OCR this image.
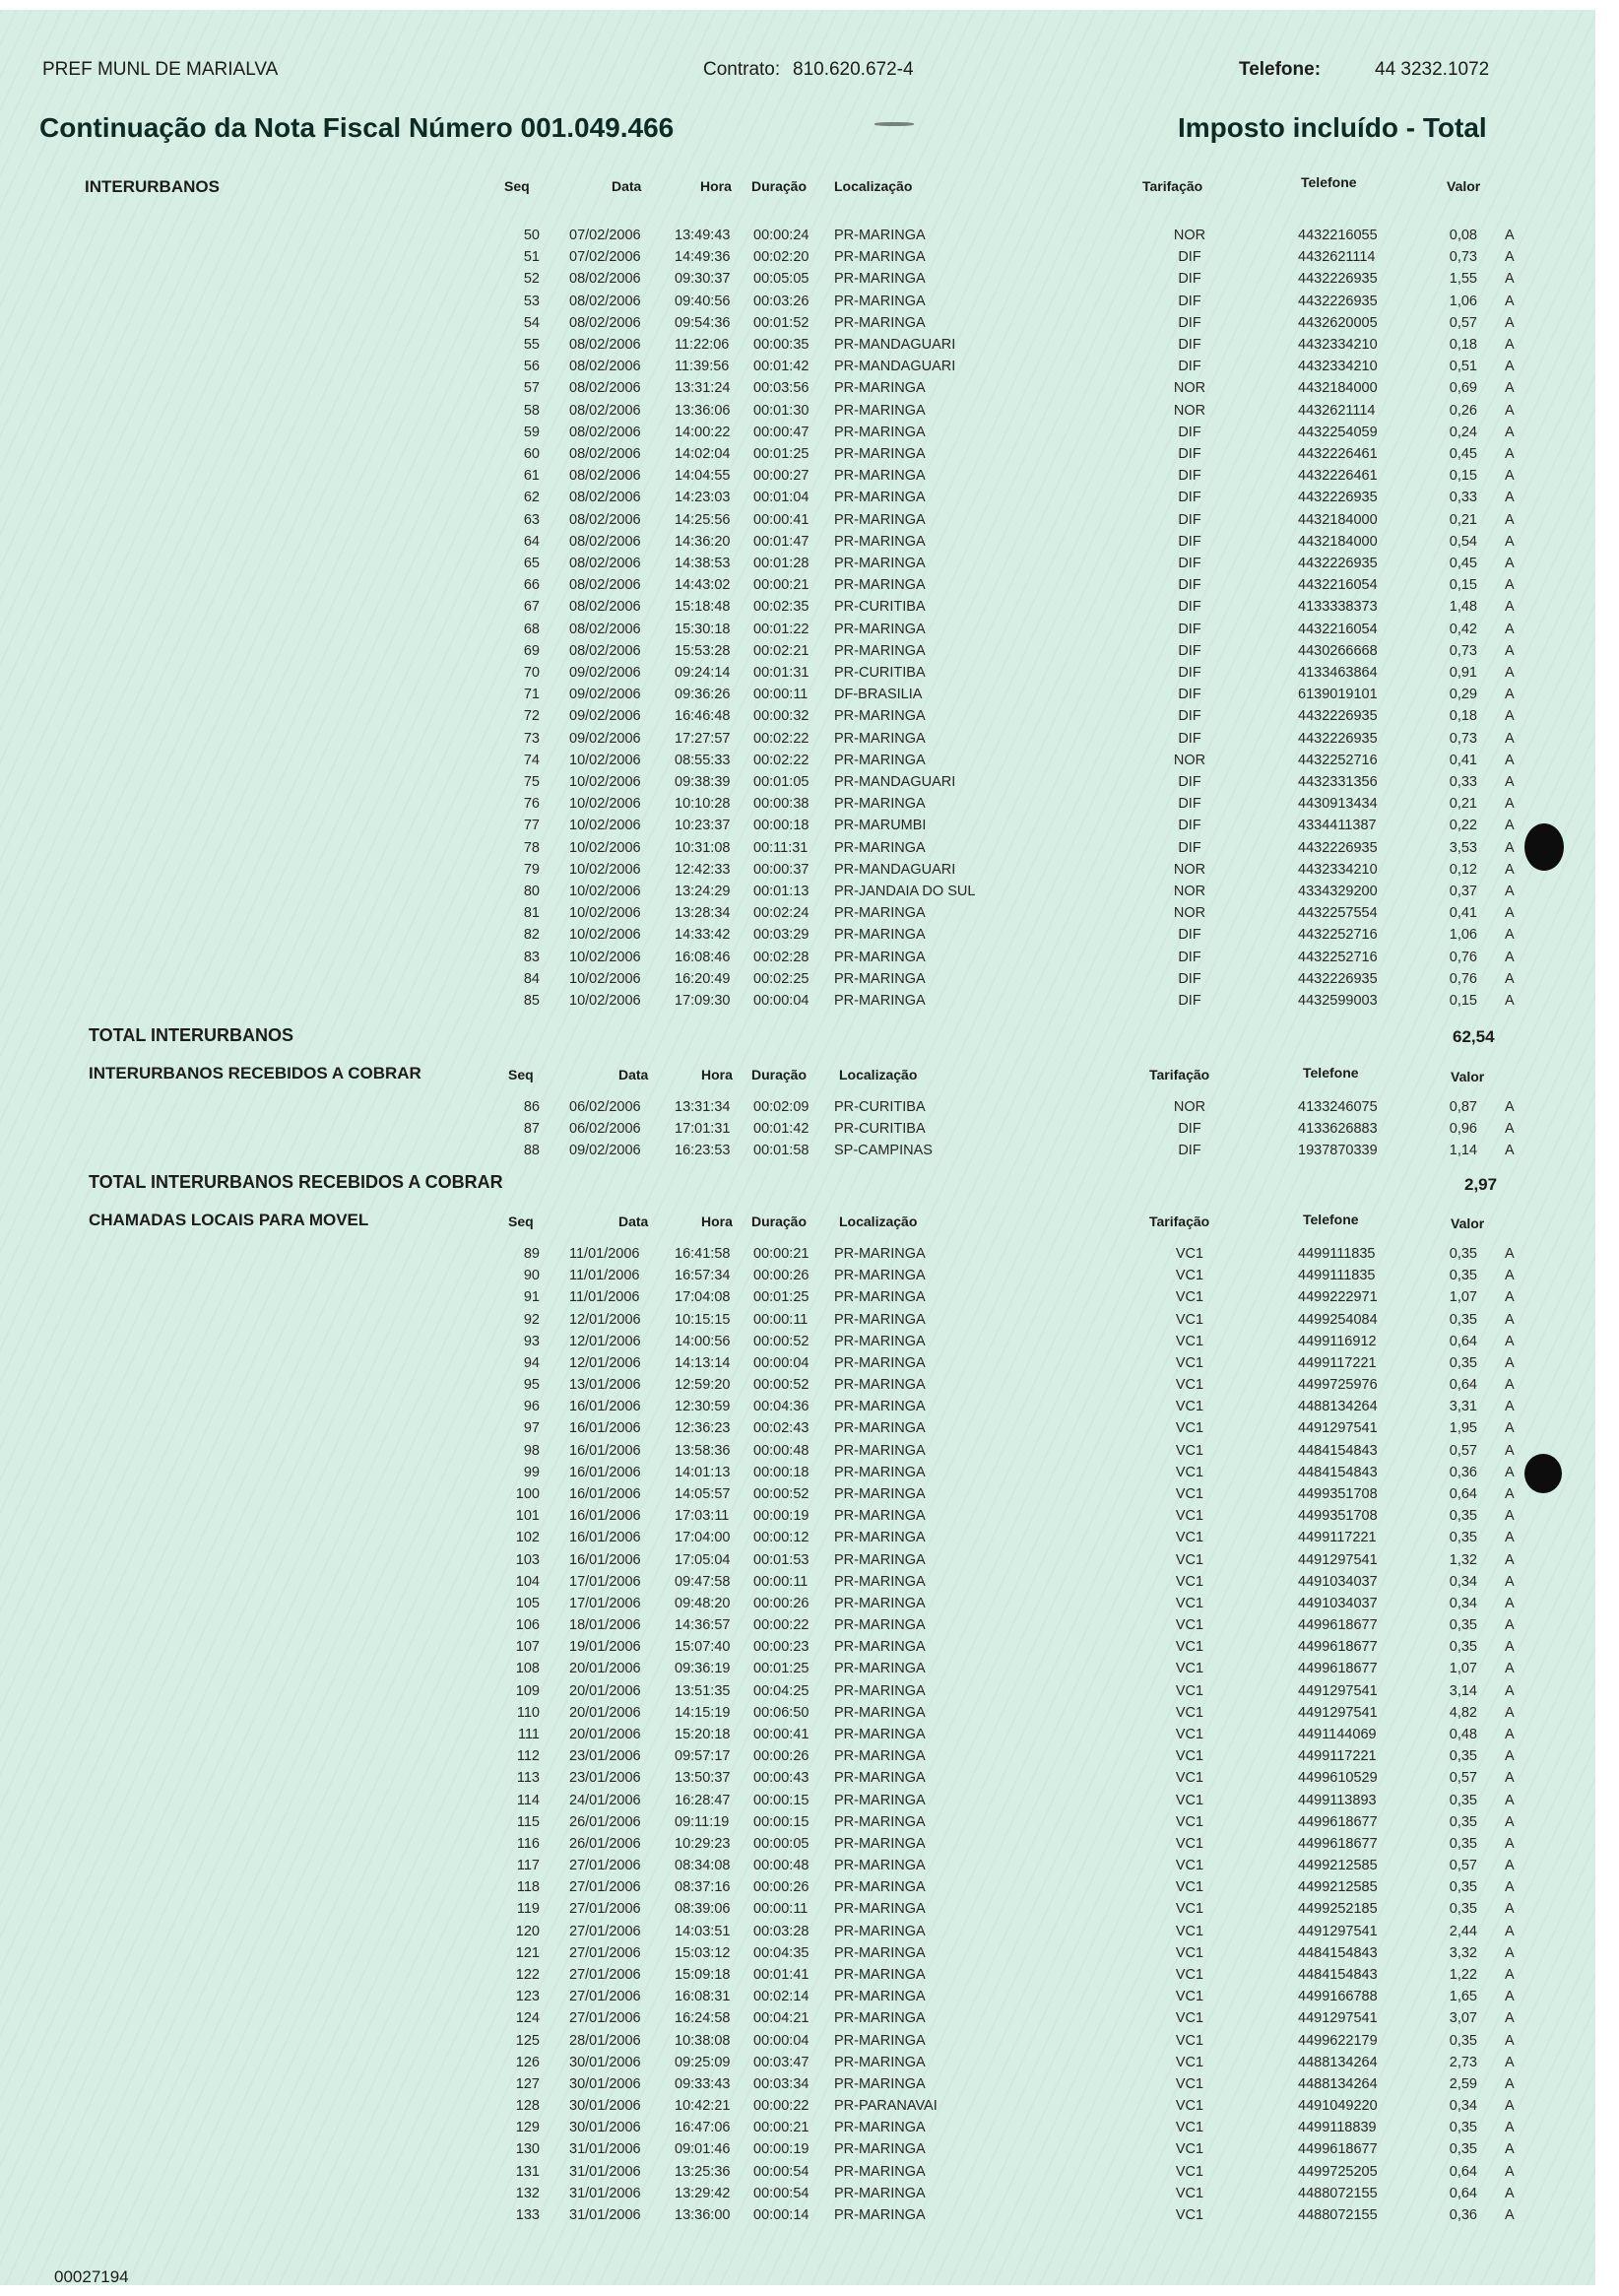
PREF MUNL DE MARIALVA	Contrato: 810.620.672-4	Telefone:	44 3232.1072
Continuação da Nota Fiscal Número 001.049.466	Imposto incluído - Total
INTERURBANOS	Seq	Data	Hora Duração Localização	Tarifação	Telefone	Valor
50 07/02/2006 13:49:43 00:00:24 PR-MARINGA	NOR	4432216055	0,08 A
51 07/02/2006 14:49:36 00:02:20 PR-MARINGA	DIF	4432621114	0,73 A
52 08/02/2006 09:30:37 00:05:05 PR-MARINGA	DIF	4432226935	1,55 A
53 08/02/2006 09:40:56 00:03:26 PR-MARINGA	DIF	4432226935	1,06 A
54 08/02/2006 09:54:36 00:01:52 PR-MARINGA	DIF	4432620005	0,57 A
55 08/02/2006 11:22:06 00:00:35 PR-MANDAGUARI	DIF	4432334210	0,18 A
56 08/02/2006 11:39:56 00:01:42 PR-MANDAGUARI	DIF	4432334210	0,51 A
57 08/02/2006 13:31:24 00:03:56 PR-MARINGA	NOR	4432184000	0,69 A
58 08/02/2006 13:36:06 00:01:30 PR-MARINGA	NOR	4432621114	0,26 A
59 08/02/2006 14:00:22 00:00:47 PR-MARINGA	DIF	4432254059	0,24 A
60 08/02/2006 14:02:04 00:01:25 PR-MARINGA	DIF	4432226461	0,45 A
61 08/02/2006 14:04:55 00:00:27 PR-MARINGA	DIF	4432226461	0,15 A
62 08/02/2006 14:23:03 00:01:04 PR-MARINGA	DIF	4432226935	0,33 A
63 08/02/2006 14:25:56 00:00:41 PR-MARINGA	DIF	4432184000	0,21 A
64 08/02/2006 14:36:20 00:01:47 PR-MARINGA	DIF	4432184000	0,54 A
65 08/02/2006 14:38:53 00:01:28 PR-MARINGA	DIF	4432226935	0,45 A
66 08/02/2006 14:43:02 00:00:21 PR-MARINGA	DIF	4432216054	0,15 A
67 08/02/2006 15:18:48 00:02:35 PR-CURITIBA	DIF	4133338373	1,48 A
68 08/02/2006 15:30:18 00:01:22 PR-MARINGA	DIF	4432216054	0,42 A
69 08/02/2006 15:53:28 00:02:21 PR-MARINGA	DIF	4430266668	0,73 A
70 09/02/2006 09:24:14 00:01:31 PR-CURITIBA	DIF	4133463864	0,91 A
71 09/02/2006 09:36:26 00:00:11 DF-BRASILIA	DIF	6139019101	0,29 A
72 09/02/2006 16:46:48 00:00:32 PR-MARINGA	DIF	4432226935	0,18 A
73 09/02/2006 17:27:57 00:02:22 PR-MARINGA	DIF	4432226935	0,73 A
74 10/02/2006 08:55:33 00:02:22 PR-MARINGA	NOR	4432252716	0,41 A
75 10/02/2006 09:38:39 00:01:05 PR-MANDAGUARI	DIF	4432331356	0,33 A
76 10/02/2006 10:10:28 00:00:38 PR-MARINGA	DIF	4430913434	0,21 A
77 10/02/2006 10:23:37 00:00:18 PR-MARUMBI	DIF	4334411387	0,22 A
78 10/02/2006 10:31:08 00:11:31 PR-MARINGA	DIF	4432226935	3,53 A
79 10/02/2006 12:42:33 00:00:37 PR-MANDAGUARI	NOR	4432334210	0,12 A
80 10/02/2006 13:24:29 00:01:13 PR-JANDAIA DO SUL	NOR	4334329200	0,37 A
81 10/02/2006 13:28:34 00:02:24 PR-MARINGA	NOR	4432257554	0,41 A
82 10/02/2006 14:33:42 00:03:29 PR-MARINGA	DIF	4432252716	1,06 A
83 10/02/2006 16:08:46 00:02:28 PR-MARINGA	DIF	4432252716	0,76 A
84 10/02/2006 16:20:49 00:02:25 PR-MARINGA	DIF	4432226935	0,76 A
85 10/02/2006 17:09:30 00:00:04 PR-MARINGA	DIF	4432599003	0,15 A
TOTAL INTERURBANOS	62,54
INTERURBANOS RECEBIDOS A COBRAR	Seq	Data	Hora Duração Localização	Tarifação	Telefone	Valor
86 06/02/2006 13:31:34 00:02:09 PR-CURITIBA	NOR	4133246075	0,87 A
87 06/02/2006 17:01:31 00:01:42 PR-CURITIBA	DIF	4133626883	0,96 A
88 09/02/2006 16:23:53 00:01:58 SP-CAMPINAS	DIF	1937870339	1,14 A
TOTAL INTERURBANOS RECEBIDOS A COBRAR	2,97
CHAMADAS LOCAIS PARA MOVEL	Seq	Data	Hora Duração Localização	Tarifação	Telefone	Valor
89 11/01/2006 16:41:58 00:00:21 PR-MARINGA	VC1	4499111835	0,35 A
90 11/01/2006 16:57:34 00:00:26 PR-MARINGA	VC1	4499111835	0,35 A
91 11/01/2006 17:04:08 00:01:25 PR-MARINGA	VC1	4499222971	1,07 A
92 12/01/2006 10:15:15 00:00:11 PR-MARINGA	VC1	4499254084	0,35 A
93 12/01/2006 14:00:56 00:00:52 PR-MARINGA	VC1	4499116912	0,64 A
94 12/01/2006 14:13:14 00:00:04 PR-MARINGA	VC1	4499117221	0,35 A
95 13/01/2006 12:59:20 00:00:52 PR-MARINGA	VC1	4499725976	0,64 A
96 16/01/2006 12:30:59 00:04:36 PR-MARINGA	VC1	4488134264	3,31 A
97 16/01/2006 12:36:23 00:02:43 PR-MARINGA	VC1	4491297541	1,95 A
98 16/01/2006 13:58:36 00:00:48 PR-MARINGA	VC1	4484154843	0,57 A
99 16/01/2006 14:01:13 00:00:18 PR-MARINGA	VC1	4484154843	0,36 A
100 16/01/2006 14:05:57 00:00:52 PR-MARINGA	VC1	4499351708	0,64 A
101 16/01/2006 17:03:11 00:00:19 PR-MARINGA	VC1	4499351708	0,35 A
102 16/01/2006 17:04:00 00:00:12 PR-MARINGA	VC1	4499117221	0,35 A
103 16/01/2006 17:05:04 00:01:53 PR-MARINGA	VC1	4491297541	1,32 A
104 17/01/2006 09:47:58 00:00:11 PR-MARINGA	VC1	4491034037	0,34 A
105 17/01/2006 09:48:20 00:00:26 PR-MARINGA	VC1	4491034037	0,34 A
106 18/01/2006 14:36:57 00:00:22 PR-MARINGA	VC1	4499618677	0,35 A
107 19/01/2006 15:07:40 00:00:23 PR-MARINGA	VC1	4499618677	0,35 A
108 20/01/2006 09:36:19 00:01:25 PR-MARINGA	VC1	4499618677	1,07 A
109 20/01/2006 13:51:35 00:04:25 PR-MARINGA	VC1	4491297541	3,14 A
110 20/01/2006 14:15:19 00:06:50 PR-MARINGA	VC1	4491297541	4,82 A
111 20/01/2006 15:20:18 00:00:41 PR-MARINGA	VC1	4491144069	0,48 A
112 23/01/2006 09:57:17 00:00:26 PR-MARINGA	VC1	4499117221	0,35 A
113 23/01/2006 13:50:37 00:00:43 PR-MARINGA	VC1	4499610529	0,57 A
114 24/01/2006 16:28:47 00:00:15 PR-MARINGA	VC1	4499113893	0,35 A
115 26/01/2006 09:11:19 00:00:15 PR-MARINGA	VC1	4499618677	0,35 A
116 26/01/2006 10:29:23 00:00:05 PR-MARINGA	VC1	4499618677	0,35 A
117 27/01/2006 08:34:08 00:00:48 PR-MARINGA	VC1	4499212585	0,57 A
118 27/01/2006 08:37:16 00:00:26 PR-MARINGA	VC1	4499212585	0,35 A
119 27/01/2006 08:39:06 00:00:11 PR-MARINGA	VC1	4499252185	0,35 A
120 27/01/2006 14:03:51 00:03:28 PR-MARINGA	VC1	4491297541	2,44 A
121 27/01/2006 15:03:12 00:04:35 PR-MARINGA	VC1	4484154843	3,32 A
122 27/01/2006 15:09:18 00:01:41 PR-MARINGA	VC1	4484154843	1,22 A
123 27/01/2006 16:08:31 00:02:14 PR-MARINGA	VC1	4499166788	1,65 A
124 27/01/2006 16:24:58 00:04:21 PR-MARINGA	VC1	4491297541	3,07 A
125 28/01/2006 10:38:08 00:00:04 PR-MARINGA	VC1	4499622179	0,35 A
126 30/01/2006 09:25:09 00:03:47 PR-MARINGA	VC1	4488134264	2,73 A
127 30/01/2006 09:33:43 00:03:34 PR-MARINGA	VC1	4488134264	2,59 A
128 30/01/2006 10:42:21 00:00:22 PR-PARANAVAI	VC1	4491049220	0,34 A
129 30/01/2006 16:47:06 00:00:21 PR-MARINGA	VC1	4499118839	0,35 A
130 31/01/2006 09:01:46 00:00:19 PR-MARINGA	VC1	4499618677	0,35 A
131 31/01/2006 13:25:36 00:00:54 PR-MARINGA	VC1	4499725205	0,64 A
132 31/01/2006 13:29:42 00:00:54 PR-MARINGA	VC1	4488072155	0,64 A
133 31/01/2006 13:36:00 00:00:14 PR-MARINGA	VC1	4488072155	0,36 A
00027194
